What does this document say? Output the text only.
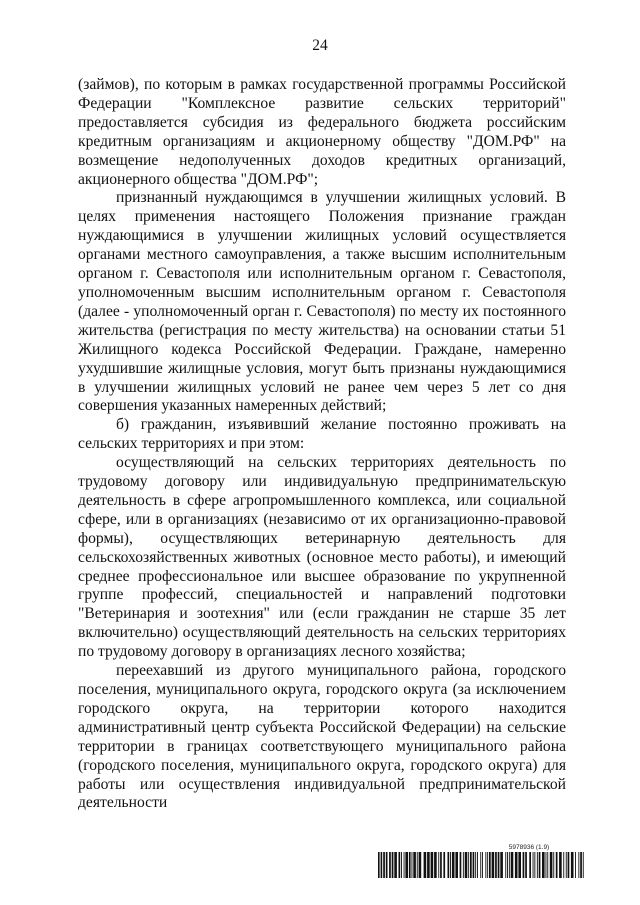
24

(займов), по которым в рамках государственной программы Российской Федерации "Комплексное развитие сельских территорий" предоставляется субсидия из федерального бюджета российским кредитным организациям и акционерному обществу "ДОМ.РФ" на возмещение недополученных доходов кредитных организаций, акционерного общества "ДОМ.РФ";

признанный нуждающимся в улучшении жилищных условий. В целях применения настоящего Положения признание граждан нуждающимися в улучшении жилищных условий осуществляется органами местного самоуправления, а также высшим исполнительным органом г. Севастополя или исполнительным органом г. Севастополя, уполномоченным высшим исполнительным органом г. Севастополя (далее - уполномоченный орган г. Севастополя) по месту их постоянного жительства (регистрация по месту жительства) на основании статьи 51 Жилищного кодекса Российской Федерации. Граждане, намеренно ухудшившие жилищные условия, могут быть признаны нуждающимися в улучшении жилищных условий не ранее чем через 5 лет со дня совершения указанных намеренных действий;

б) гражданин, изъявивший желание постоянно проживать на сельских территориях и при этом:

осуществляющий на сельских территориях деятельность по трудовому договору или индивидуальную предпринимательскую деятельность в сфере агропромышленного комплекса, или социальной сфере, или в организациях (независимо от их организационно-правовой формы), осуществляющих ветеринарную деятельность для сельскохозяйственных животных (основное место работы), и имеющий среднее профессиональное или высшее образование по укрупненной группе профессий, специальностей и направлений подготовки "Ветеринария и зоотехния" или (если гражданин не старше 35 лет включительно) осуществляющий деятельность на сельских территориях по трудовому договору в организациях лесного хозяйства;

переехавший из другого муниципального района, городского поселения, муниципального округа, городского округа (за исключением городского округа, на территории которого находится административный центр субъекта Российской Федерации) на сельские территории в границах соответствующего муниципального района (городского поселения, муниципального округа, городского округа) для работы или осуществления индивидуальной предпринимательской деятельности

5978936 (1.9)
